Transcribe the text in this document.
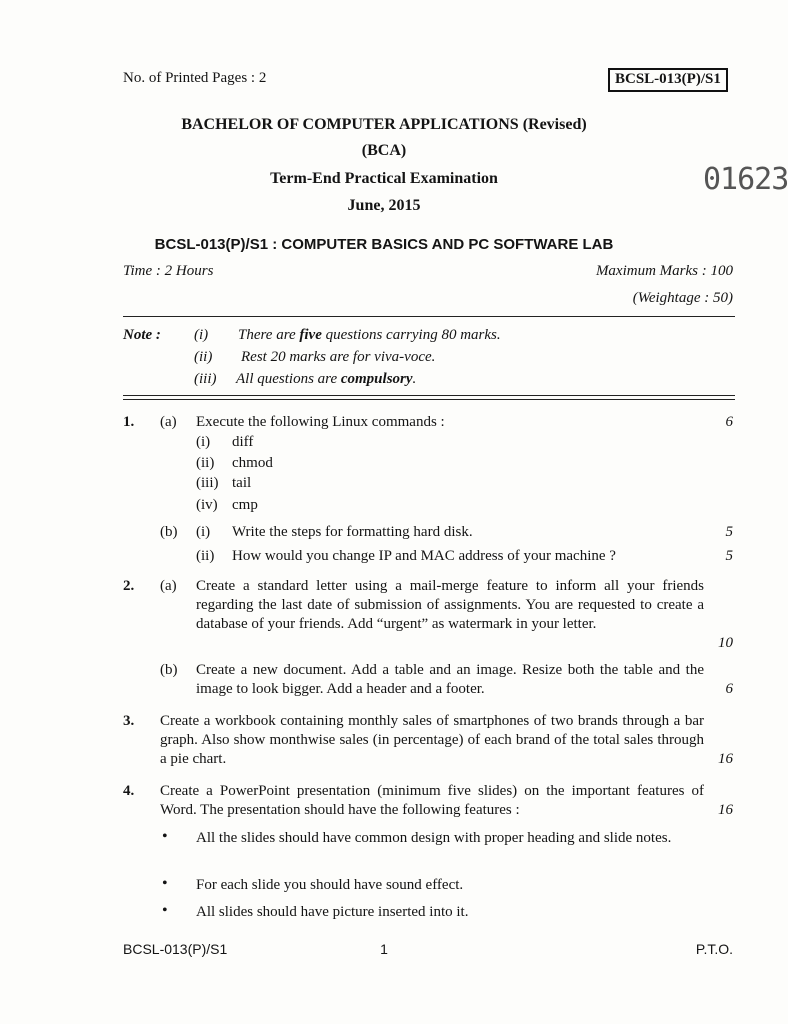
No. of Printed Pages : 2	BCSL-013(P)/S1
BACHELOR OF COMPUTER APPLICATIONS (Revised)
(BCA)
Term-End Practical Examination	01623
June, 2015
BCSL-013(P)/S1 : COMPUTER BASICS AND PC SOFTWARE LAB
Time : 2 Hours	Maximum Marks : 100
(Weightage : 50)
Note : (i) There are five questions carrying 80 marks.
(ii) Rest 20 marks are for viva-voce.
(iii) All questions are compulsory.
1. (a) Execute the following Linux commands :	6
(i) diff
(ii) chmod
(iii) tail
(iv) cmp
(b) (i) Write the steps for formatting hard disk.	5
(ii) How would you change IP and MAC address of your machine ?	5
2. (a) Create a standard letter using a mail-merge feature to inform all your friends regarding the last date of submission of assignments. You are requested to create a database of your friends. Add “urgent” as watermark in your letter.
10
(b) Create a new document. Add a table and an image. Resize both the table and the image to look bigger. Add a header and a footer.	6
3. Create a workbook containing monthly sales of smartphones of two brands through a bar graph. Also show monthwise sales (in percentage) of each brand of the total sales through a pie chart.	16
4. Create a PowerPoint presentation (minimum five slides) on the important features of Word. The presentation should have the following features :	16
• All the slides should have common design with proper heading and slide notes.
• For each slide you should have sound effect.
• All slides should have picture inserted into it.
BCSL-013(P)/S1	1	P.T.O.
